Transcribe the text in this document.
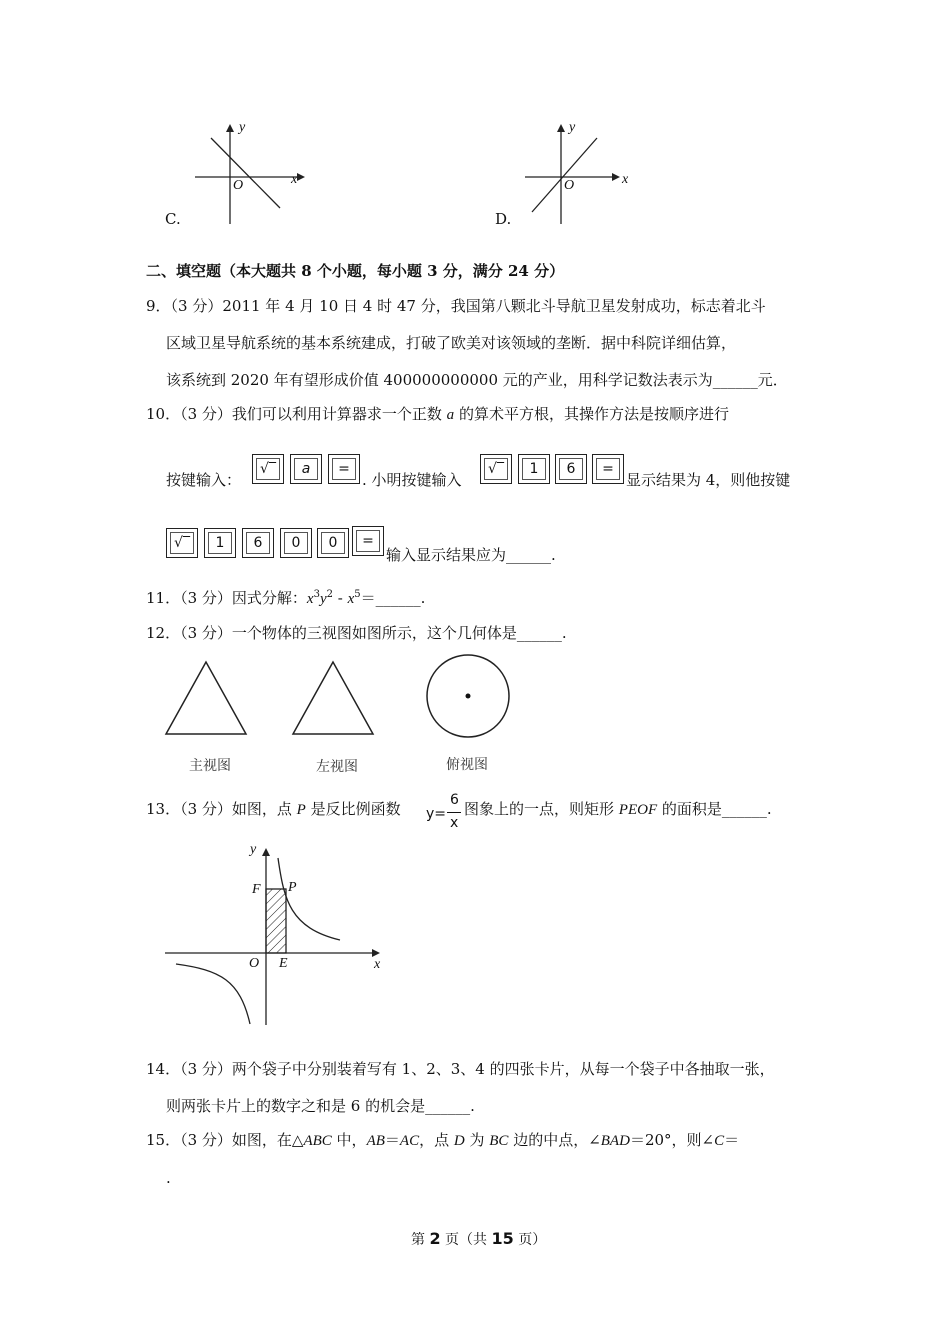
y
x
O
C.
y
x
O
D.
二、填空题（本大题共 8 个小题，每小题 3 分，满分 24 分）
9．（3 分）2011 年 4 月 10 日 4 时 47 分，我国第八颗北斗导航卫星发射成功，标志着北斗
区域卫星导航系统的基本系统建成，打破了欧美对该领域的垄断．据中科院详细估算，
该系统到 2020 年有望形成价值 400000000000 元的产业，用科学记数法表示为______元．
10．（3 分）我们可以利用计算器求一个正数 a 的算术平方根，其操作方法是按顺序进行
按键输入：
√‾	a	=
. 小明按键输入
√‾	1	6	=
显示结果为 4，则他按键
√‾	1	6	0	0	=
输入显示结果应为______.
11．（3 分）因式分解：$x^3y^2$ ‐ $x^5=\_\_\_\_\_\_$.
12．（3 分）一个物体的三视图如图所示，这个几何体是______.
主视图	左视图	俯视图
13．（3 分）如图，点 P 是反比例函数 y=
6
x
图象上的一点，则矩形 PEOF 的面积是______.
y
x
O E
F P
14．（3 分）两个袋子中分别装着写有 1、2、3、4 的四张卡片，从每一个袋子中各抽取一张，
则两张卡片上的数字之和是 6 的机会是______.
15．（3 分）如图，在△ABC 中，AB＝AC，点 D 为 BC 边的中点，∠BAD＝20°，则∠C＝
.
第 2 页（共 15 页）
